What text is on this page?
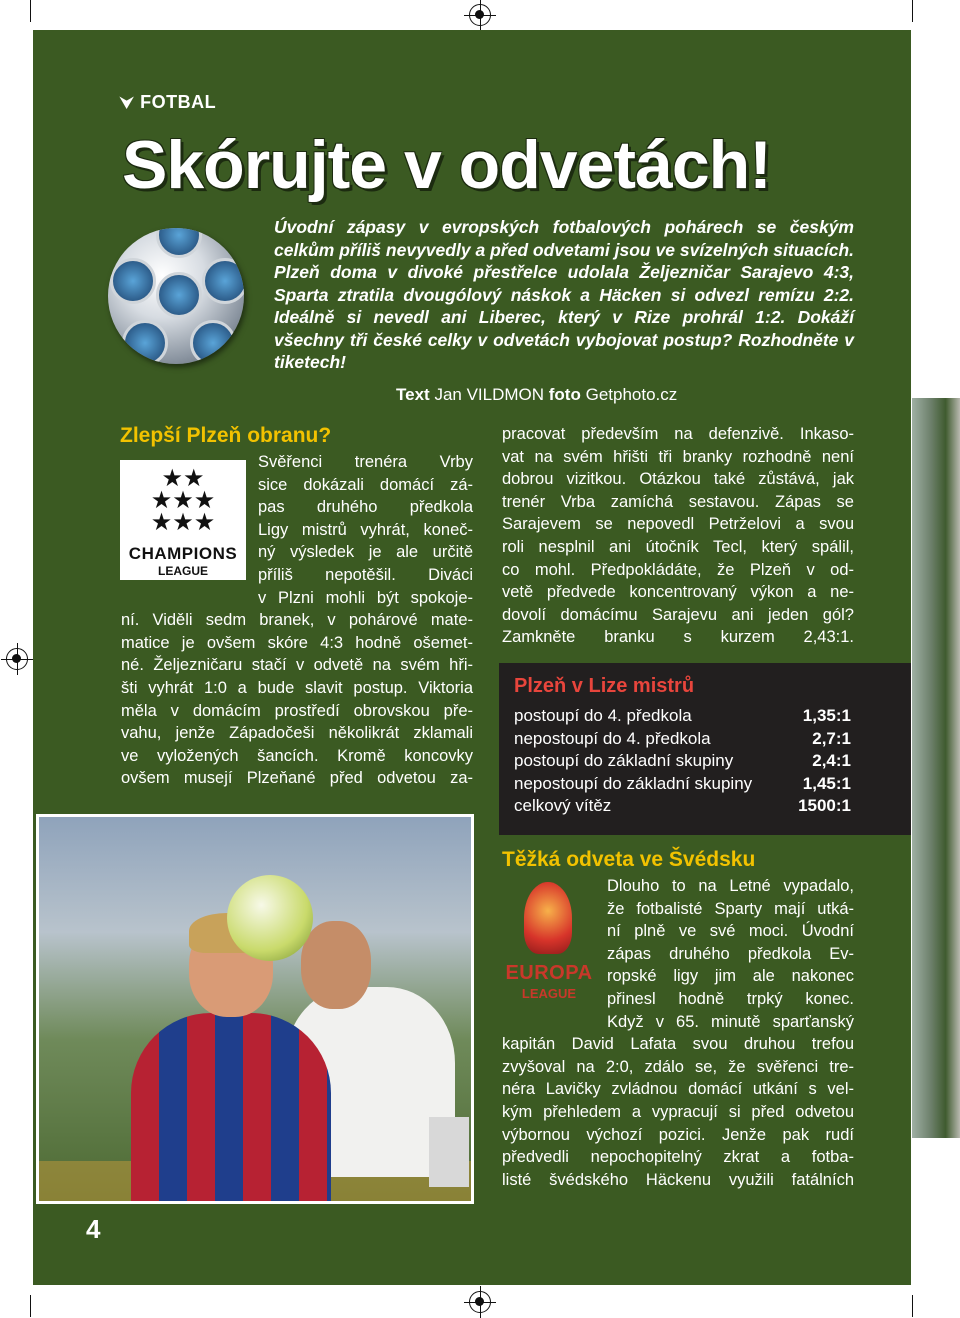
⮟ FOTBAL
Skórujte v odvetách!
Úvodní zápasy v evropských fotbalových pohárech se českým celkům příliš nevyvedly a před odvetami jsou ve svízelných situacích. Plzeň doma v divoké přestřelce udolala Željezničar Sarajevo 4:3, Sparta ztratila dvougólový náskok a Häcken si odvezl remízu 2:2. Ideálně si nevedl ani Liberec, který v Rize prohrál 1:2. Dokáží všechny tři české celky v odvetách vybojovat postup? Rozhodněte v tiketech!
Text Jan VILDMON foto Getphoto.cz
Zlepší Plzeň obranu?
★★
★★★
★★★
CHAMPIONS
LEAGUE
Svěřenci trenéra Vrby
sice dokázali domácí zá-
pas druhého předkola
Ligy mistrů vyhrát, koneč-
ný výsledek je ale určitě
příliš nepotěšil. Diváci
v Plzni mohli být spokoje-
ní. Viděli sedm branek, v pohárové mate-
matice je ovšem skóre 4:3 hodně ošemet-
né. Željezničaru stačí v odvetě na svém hři-
šti vyhrát 1:0 a bude slavit postup. Viktoria
měla v domácím prostředí obrovskou pře-
vahu, jenže Západočeši několikrát zklamali
ve vyložených šancích. Kromě koncovky
ovšem musejí Plzeňané před odvetou za-
pracovat především na defenzivě. Inkaso-
vat na svém hřišti tři branky rozhodně není
dobrou vizitkou. Otázkou také zůstává, jak
trenér Vrba zamíchá sestavou. Zápas se
Sarajevem se nepovedl Petrželovi a svou
roli nesplnil ani útočník Tecl, který spálil,
co mohl. Předpokládáte, že Plzeň v od-
vetě předvede koncentrovaný výkon a ne-
dovolí domácímu Sarajevu ani jeden gól?
Zamkněte branku s kurzem 2,43:1.
Plzeň v Lize mistrů
postoupí do 4. předkola	1,35:1
nepostoupí do 4. předkola	2,7:1
postoupí do základní skupiny	2,4:1
nepostoupí do základní skupiny	1,45:1
celkový vítěz	1500:1
Těžká odveta ve Švédsku
EUROPA
LEAGUE
Dlouho to na Letné vypadalo,
že fotbalisté Sparty mají utká-
ní plně ve své moci. Úvodní
zápas druhého předkola Ev-
ropské ligy jim ale nakonec
přinesl hodně trpký konec.
Když v 65. minutě sparťanský
kapitán David Lafata svou druhou trefou
zvyšoval na 2:0, zdálo se, že svěřenci tre-
néra Lavičky zvládnou domácí utkání s vel-
kým přehledem a vypracují si před odvetou
výbornou výchozí pozici. Jenže pak rudí
předvedli nepochopitelný zkrat a fotba-
listé švédského Häckenu využili fatálních
4
